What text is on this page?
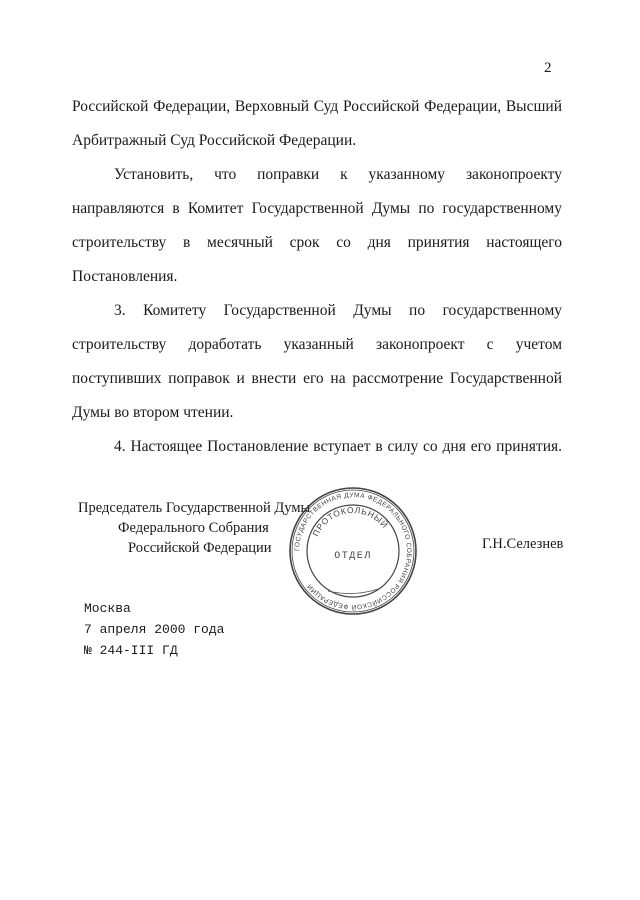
2

Российской Федерации, Верховный Суд Российской Федерации, Высший Арбитражный Суд Российской Федерации.

Установить, что поправки к указанному законопроекту направляются в Комитет Государственной Думы по государственному строительству в месячный срок со дня принятия настоящего Постановления.

3. Комитету Государственной Думы по государственному строительству доработать указанный законопроект с учетом поступивших поправок и внести его на рассмотрение Государственной Думы во втором чтении.

4. Настоящее Постановление вступает в силу со дня его принятия.

Председатель Государственной Думы
Федерального Собрания
Российской Федерации	Г.Н.Селезнев
ГОСУДАРСТВЕННАЯ ДУМА ФЕДЕРАЛЬНОГО СОБРАНИЯ РОССИЙСКОЙ ФЕДЕРАЦИИ
ПРОТОКОЛЬНЫЙ
ОТДЕЛ
Москва
7 апреля 2000 года
№ 244-III ГД
